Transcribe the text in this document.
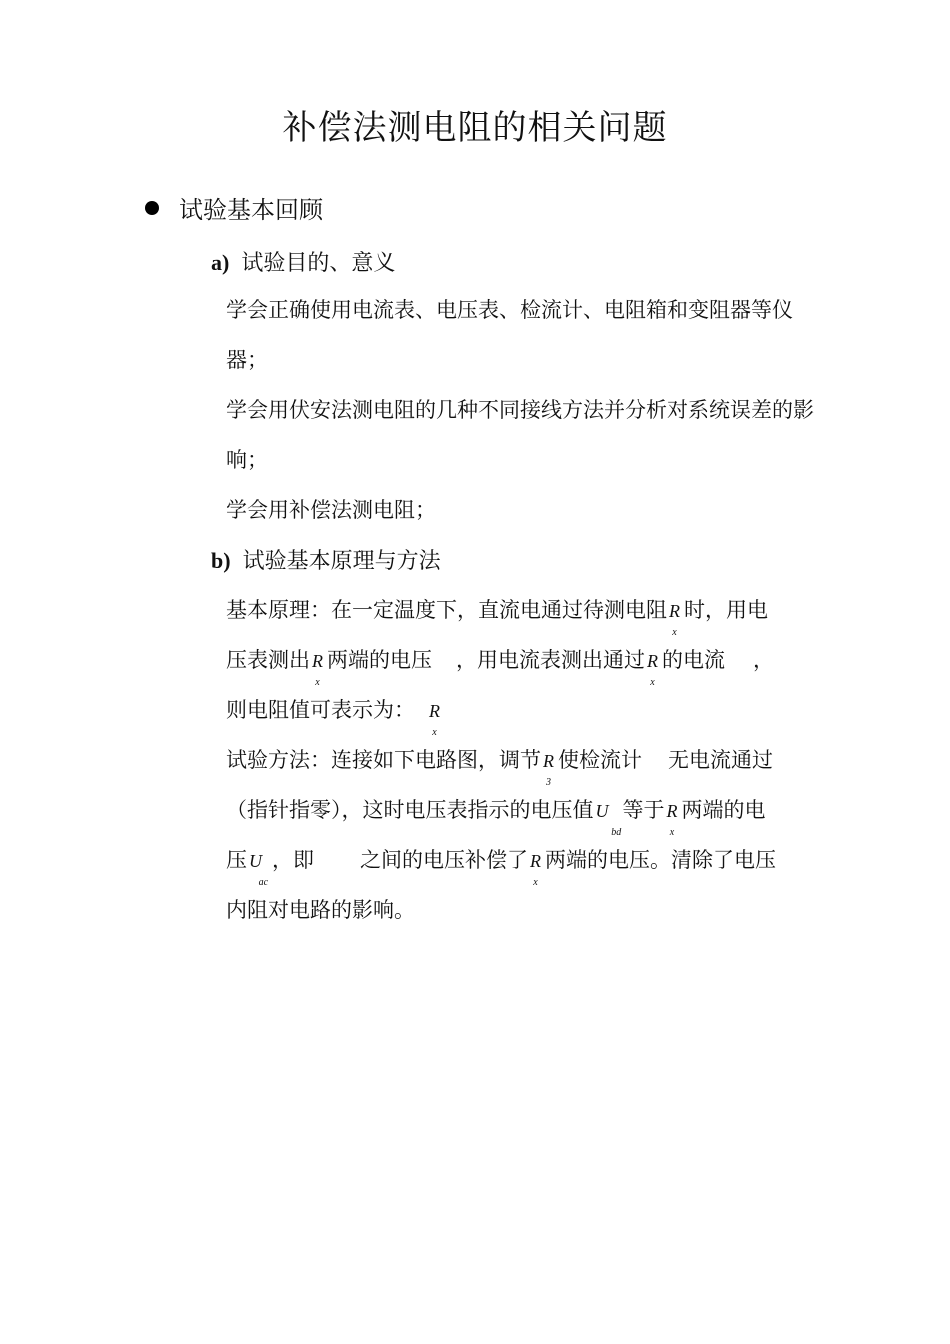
补偿法测电阻的相关问题
试验基本回顾
a) 试验目的、意义
学会正确使用电流表、电压表、检流计、电阻箱和变阻器等仪器；
学会用伏安法测电阻的几种不同接线方法并分析对系统误差的影响；
学会用补偿法测电阻；
b) 试验基本原理与方法
基本原理：在一定温度下，直流电通过待测电阻 R
x
时，用电
压表测出 R
x
两端的电压 ，用电流表测出通过 R
x
的电流 ，
则电阻值可表示为： R
x
试验方法：连接如下电路图，调节 R
3
使检流计 无电流通过
（指针指零），这时电压表指示的电压值 U
bd
等于 R
x
两端的电
压 U
ac
，即 之间的电压补偿了 R
x
两端的电压。清除了电压
内阻对电路的影响。
